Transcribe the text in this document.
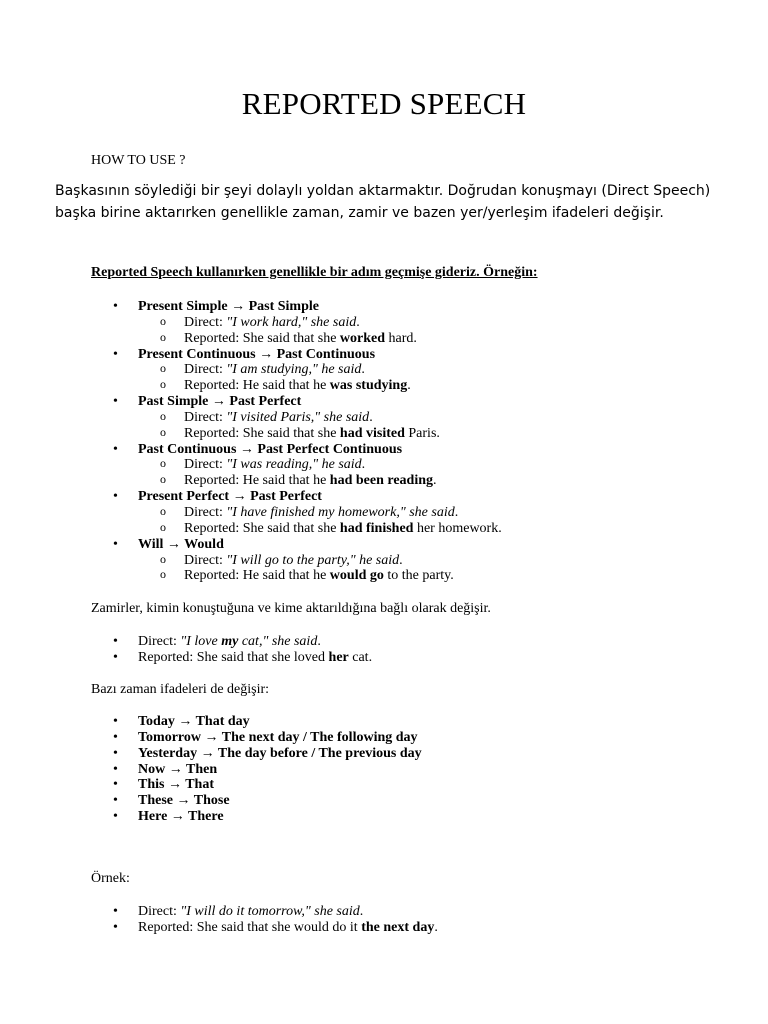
REPORTED SPEECH
HOW TO USE ?
Başkasının söylediği bir şeyi dolaylı yoldan aktarmaktır. Doğrudan konuşmayı (Direct Speech) başka birine aktarırken genellikle zaman, zamir ve bazen yer/yerleşim ifadeleri değişir.
Reported Speech kullanırken genellikle bir adım geçmişe gideriz. Örneğin:
• Present Simple → Past Simple
o Direct: "I work hard," she said.
o Reported: She said that she worked hard.
• Present Continuous → Past Continuous
o Direct: "I am studying," he said.
o Reported: He said that he was studying.
• Past Simple → Past Perfect
o Direct: "I visited Paris," she said.
o Reported: She said that she had visited Paris.
• Past Continuous → Past Perfect Continuous
o Direct: "I was reading," he said.
o Reported: He said that he had been reading.
• Present Perfect → Past Perfect
o Direct: "I have finished my homework," she said.
o Reported: She said that she had finished her homework.
• Will → Would
o Direct: "I will go to the party," he said.
o Reported: He said that he would go to the party.
Zamirler, kimin konuştuğuna ve kime aktarıldığına bağlı olarak değişir.
• Direct: "I love my cat," she said.
• Reported: She said that she loved her cat.
Bazı zaman ifadeleri de değişir:
• Today → That day
• Tomorrow → The next day / The following day
• Yesterday → The day before / The previous day
• Now → Then
• This → That
• These → Those
• Here → There
Örnek:
• Direct: "I will do it tomorrow," she said.
• Reported: She said that she would do it the next day.
